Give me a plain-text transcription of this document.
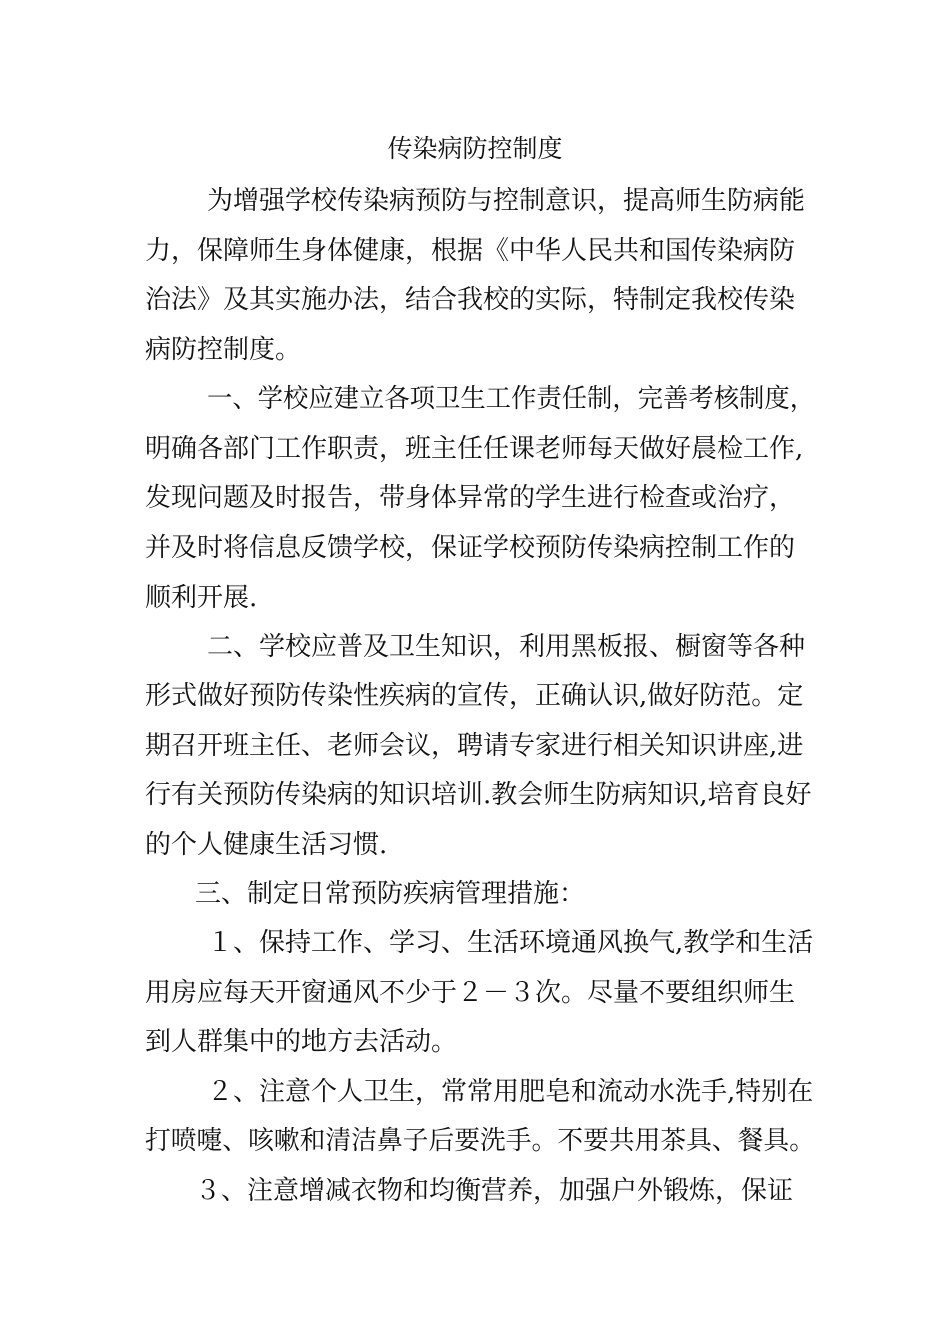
传染病防控制度
为增强学校传染病预防与控制意识，提高师生防病能
力，保障师生身体健康，根据《中华人民共和国传染病防
治法》及其实施办法，结合我校的实际，特制定我校传染
病防控制度。
一、学校应建立各项卫生工作责任制，完善考核制度，
明确各部门工作职责，班主任任课老师每天做好晨检工作,
发现问题及时报告，带身体异常的学生进行检查或治疗，
并及时将信息反馈学校，保证学校预防传染病控制工作的
顺利开展.
二、学校应普及卫生知识，利用黑板报、橱窗等各种
形式做好预防传染性疾病的宣传，正确认识,做好防范。定
期召开班主任、老师会议，聘请专家进行相关知识讲座,进
行有关预防传染病的知识培训.教会师生防病知识,培育良好
的个人健康生活习惯.
三、制定日常预防疾病管理措施：
１、保持工作、学习、生活环境通风换气,教学和生活
用房应每天开窗通风不少于２－３次。尽量不要组织师生
到人群集中的地方去活动。
２、注意个人卫生，常常用肥皂和流动水洗手,特别在
打喷嚏、咳嗽和清洁鼻子后要洗手。不要共用茶具、餐具。
３、注意增减衣物和均衡营养，加强户外锻炼，保证
